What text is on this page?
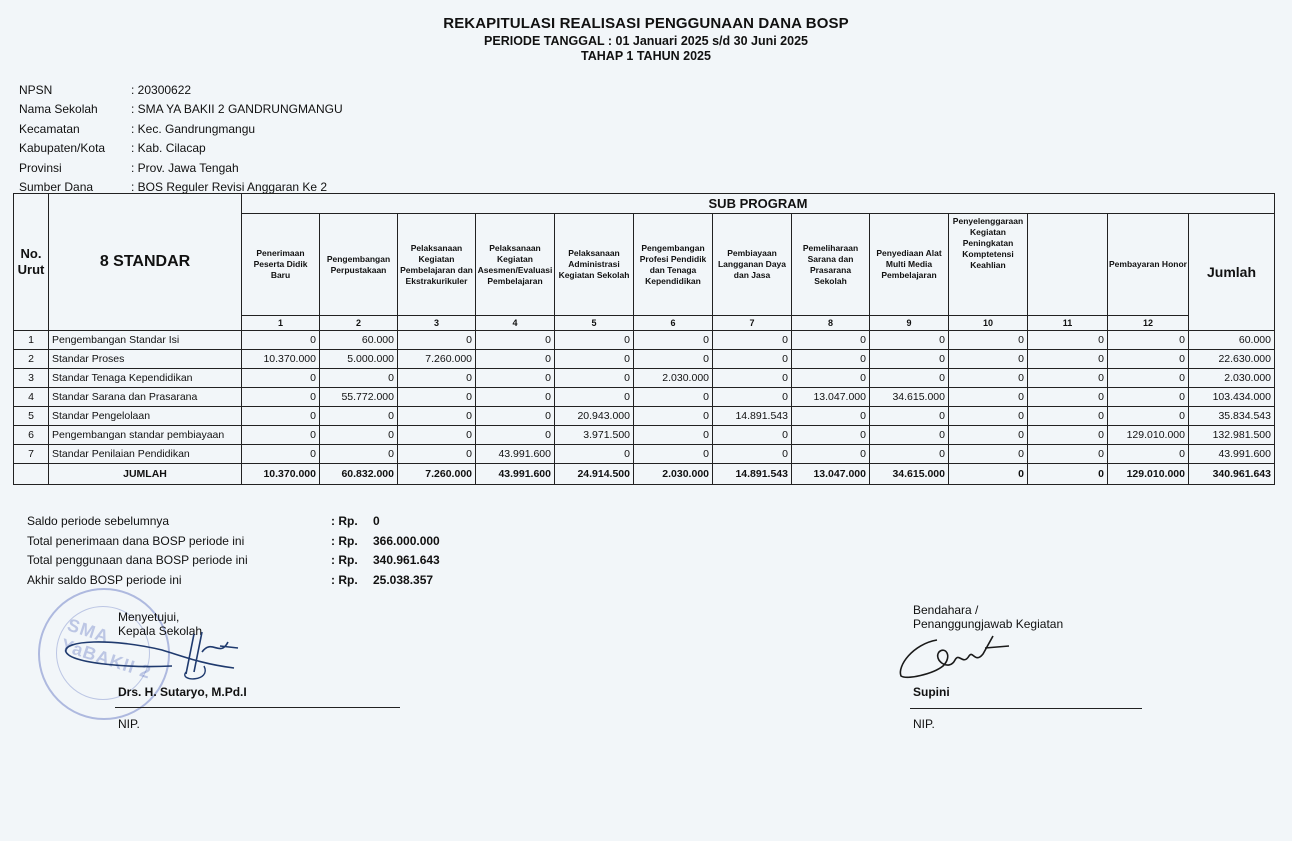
REKAPITULASI REALISASI PENGGUNAAN DANA BOSP
PERIODE TANGGAL : 01 Januari 2025 s/d 30 Juni 2025
TAHAP 1 TAHUN 2025
NPSN	: 20300622
Nama Sekolah	: SMA YA BAKII 2 GANDRUNGMANGU
Kecamatan	: Kec. Gandrungmangu
Kabupaten/Kota	: Kab. Cilacap
Provinsi	: Prov. Jawa Tengah
Sumber Dana	: BOS Reguler Revisi Anggaran Ke 2
No. Urut	8 STANDAR	SUB PROGRAM												
		Penerimaan Peserta Didik Baru	Pengembangan Perpustakaan	Pelaksanaan Kegiatan Pembelajaran dan Ekstrakurikuler	Pelaksanaan Kegiatan Asesmen/Evaluasi Pembelajaran	Pelaksanaan Administrasi Kegiatan Sekolah	Pengembangan Profesi Pendidik dan Tenaga Kependidikan	Pembiayaan Langganan Daya dan Jasa	Pemeliharaan Sarana dan Prasarana Sekolah	Penyediaan Alat Multi Media Pembelajaran	Penyelenggaraan Kegiatan Peningkatan Komptetensi Keahlian		Pembayaran Honor	Jumlah
		1	2	3	4	5	6	7	8	9	10	11	12	
1	Pengembangan Standar Isi	0	60.000	0	0	0	0	0	0	0	0	0	0	60.000
2	Standar Proses	10.370.000	5.000.000	7.260.000	0	0	0	0	0	0	0	0	0	22.630.000
3	Standar Tenaga Kependidikan	0	0	0	0	0	2.030.000	0	0	0	0	0	0	2.030.000
4	Standar Sarana dan Prasarana	0	55.772.000	0	0	0	0	0	13.047.000	34.615.000	0	0	0	103.434.000
5	Standar Pengelolaan	0	0	0	0	20.943.000	0	14.891.543	0	0	0	0	0	35.834.543
6	Pengembangan standar pembiayaan	0	0	0	0	3.971.500	0	0	0	0	0	0	129.010.000	132.981.500
7	Standar Penilaian Pendidikan	0	0	0	43.991.600	0	0	0	0	0	0	0	0	43.991.600
	JUMLAH	10.370.000	60.832.000	7.260.000	43.991.600	24.914.500	2.030.000	14.891.543	13.047.000	34.615.000	0	0	129.010.000	340.961.643
Saldo periode sebelumnya	: Rp.	0
Total penerimaan dana BOSP periode ini	: Rp.	366.000.000
Total penggunaan dana BOSP periode ini	: Rp.	340.961.643
Akhir saldo BOSP periode ini	: Rp.	25.038.357
SMA YaBAKII 2
Menyetujui,
Kepala Sekolah
Drs. H. Sutaryo, M.Pd.I
NIP.
Bendahara /
Penanggungjawab Kegiatan
Supini
NIP.
